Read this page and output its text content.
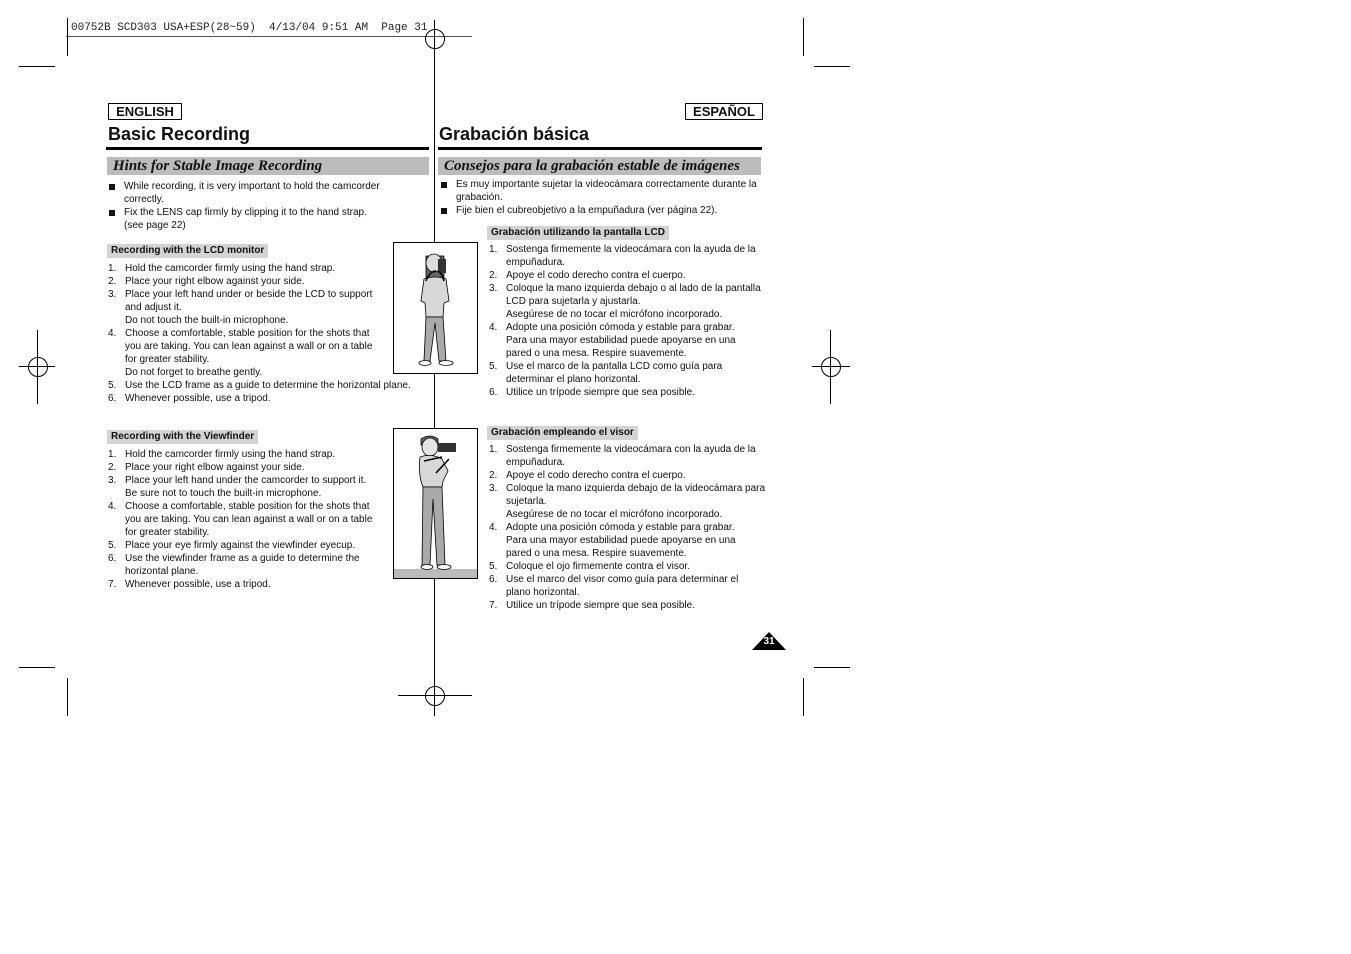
00752B SCD303 USA+ESP(28~59)  4/13/04 9:51 AM  Page 31
ENGLISH
Basic Recording
Hints for Stable Image Recording
While recording, it is very important to hold the camcorder
correctly.
Fix the LENS cap firmly by clipping it to the hand strap.
(see page 22)
Recording with the LCD monitor
1. Hold the camcorder firmly using the hand strap.
2. Place your right elbow against your side.
3. Place your left hand under or beside the LCD to support
and adjust it.
Do not touch the built-in microphone.
4. Choose a comfortable, stable position for the shots that
you are taking. You can lean against a wall or on a table
for greater stability.
Do not forget to breathe gently.
5. Use the LCD frame as a guide to determine the horizontal plane.
6. Whenever possible, use a tripod.
Recording with the Viewfinder
1. Hold the camcorder firmly using the hand strap.
2. Place your right elbow against your side.
3. Place your left hand under the camcorder to support it.
Be sure not to touch the built-in microphone.
4. Choose a comfortable, stable position for the shots that
you are taking. You can lean against a wall or on a table
for greater stability.
5. Place your eye firmly against the viewfinder eyecup.
6. Use the viewfinder frame as a guide to determine the
horizontal plane.
7. Whenever possible, use a tripod.
ESPAÑOL
Grabación básica
Consejos para la grabación estable de imágenes
Es muy importante sujetar la videocámara correctamente durante la
grabación.
Fije bien el cubreobjetivo a la empuñadura (ver página 22).
Grabación utilizando la pantalla LCD
1. Sostenga firmemente la videocámara con la ayuda de la
empuñadura.
2. Apoye el codo derecho contra el cuerpo.
3. Coloque la mano izquierda debajo o al lado de la pantalla
LCD para sujetarla y ajustarla.
Asegúrese de no tocar el micrófono incorporado.
4. Adopte una posición cómoda y estable para grabar.
Para una mayor estabilidad puede apoyarse en una
pared o una mesa. Respire suavemente.
5. Use el marco de la pantalla LCD como guía para
determinar el plano horizontal.
6. Utilice un trípode siempre que sea posible.
Grabación empleando el visor
1. Sostenga firmemente la videocámara con la ayuda de la
empuñadura.
2. Apoye el codo derecho contra el cuerpo.
3. Coloque la mano izquierda debajo de la videocámara para
sujetarla.
Asegúrese de no tocar el micrófono incorporado.
4. Adopte una posición cómoda y estable para grabar.
Para una mayor estabilidad puede apoyarse en una
pared o una mesa. Respire suavemente.
5. Coloque el ojo firmemente contra el visor.
6. Use el marco del visor como guía para determinar el
plano horizontal.
7. Utilice un trípode siempre que sea posible.
31
